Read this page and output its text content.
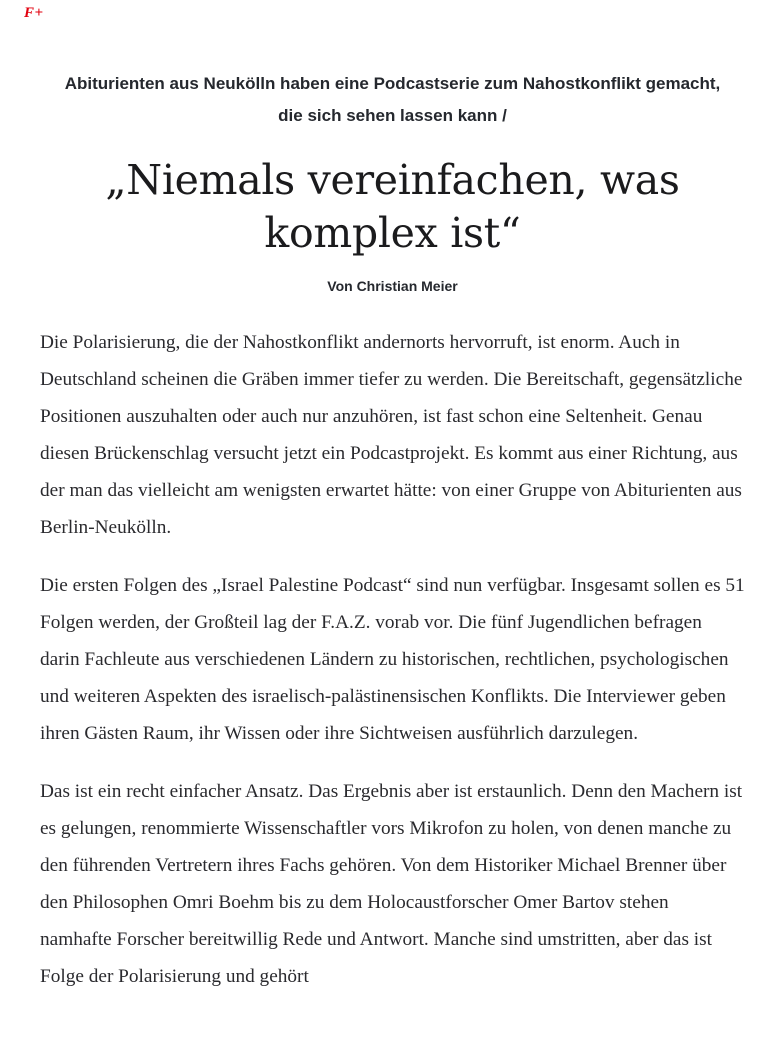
F+
Abiturienten aus Neukölln haben eine Podcastserie zum Nahostkonflikt gemacht, die sich sehen lassen kann /
„Niemals vereinfachen, was komplex ist“
Von Christian Meier

Die Polarisierung, die der Nahostkonflikt andernorts hervorruft, ist enorm. Auch in Deutschland scheinen die Gräben immer tiefer zu werden. Die Bereitschaft, gegensätzliche Positionen auszuhalten oder auch nur anzuhören, ist fast schon eine Seltenheit. Genau diesen Brückenschlag versucht jetzt ein Podcastprojekt. Es kommt aus einer Richtung, aus der man das vielleicht am wenigsten erwartet hätte: von einer Gruppe von Abiturienten aus Berlin-Neukölln.

Die ersten Folgen des „Israel Palestine Podcast“ sind nun verfügbar. Insgesamt sollen es 51 Folgen werden, der Großteil lag der F.A.Z. vorab vor. Die fünf Jugendlichen befragen darin Fachleute aus verschiedenen Ländern zu historischen, rechtlichen, psychologischen und weiteren Aspekten des israelisch-palästinensischen Konflikts. Die Interviewer geben ihren Gästen Raum, ihr Wissen oder ihre Sichtweisen ausführlich darzulegen.

Das ist ein recht einfacher Ansatz. Das Ergebnis aber ist erstaunlich. Denn den Machern ist es gelungen, renommierte Wissenschaftler vors Mikrofon zu holen, von denen manche zu den führenden Vertretern ihres Fachs gehören. Von dem Historiker Michael Brenner über den Philosophen Omri Boehm bis zu dem Holocaustforscher Omer Bartov stehen namhafte Forscher bereitwillig Rede und Antwort. Manche sind umstritten, aber das ist Folge der Polarisierung und gehört
